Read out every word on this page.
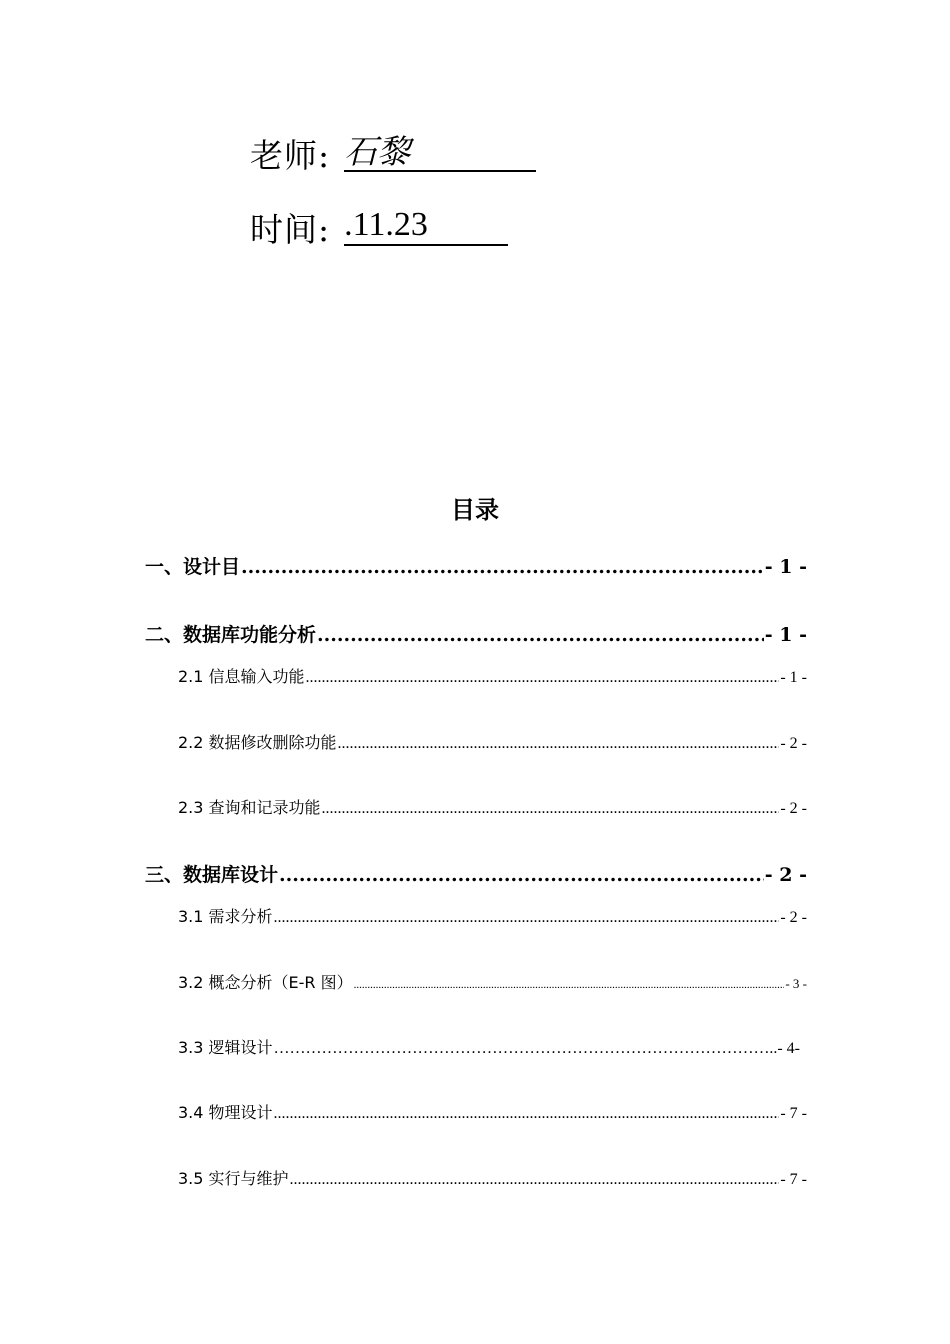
老师: 石黎
时间: .11.23
目录
一、设计目 .....	- 1 -
二、数据库功能分析 .....	- 1 -
2.1 信息输入功能 .....	- 1 -
2.2 数据修改删除功能 .....	- 2 -
2.3 查询和记录功能 .....	- 2 -
三、数据库设计 .....	- 2 -
3.1 需求分析 .....	- 2 -
3.2 概念分析（E-R 图） .....	- 3 -
3.3 逻辑设计 ………………………………………………………………………………………………………………	..- 4-
3.4 物理设计 .....	- 7 -
3.5 实行与维护 .....	- 7 -
